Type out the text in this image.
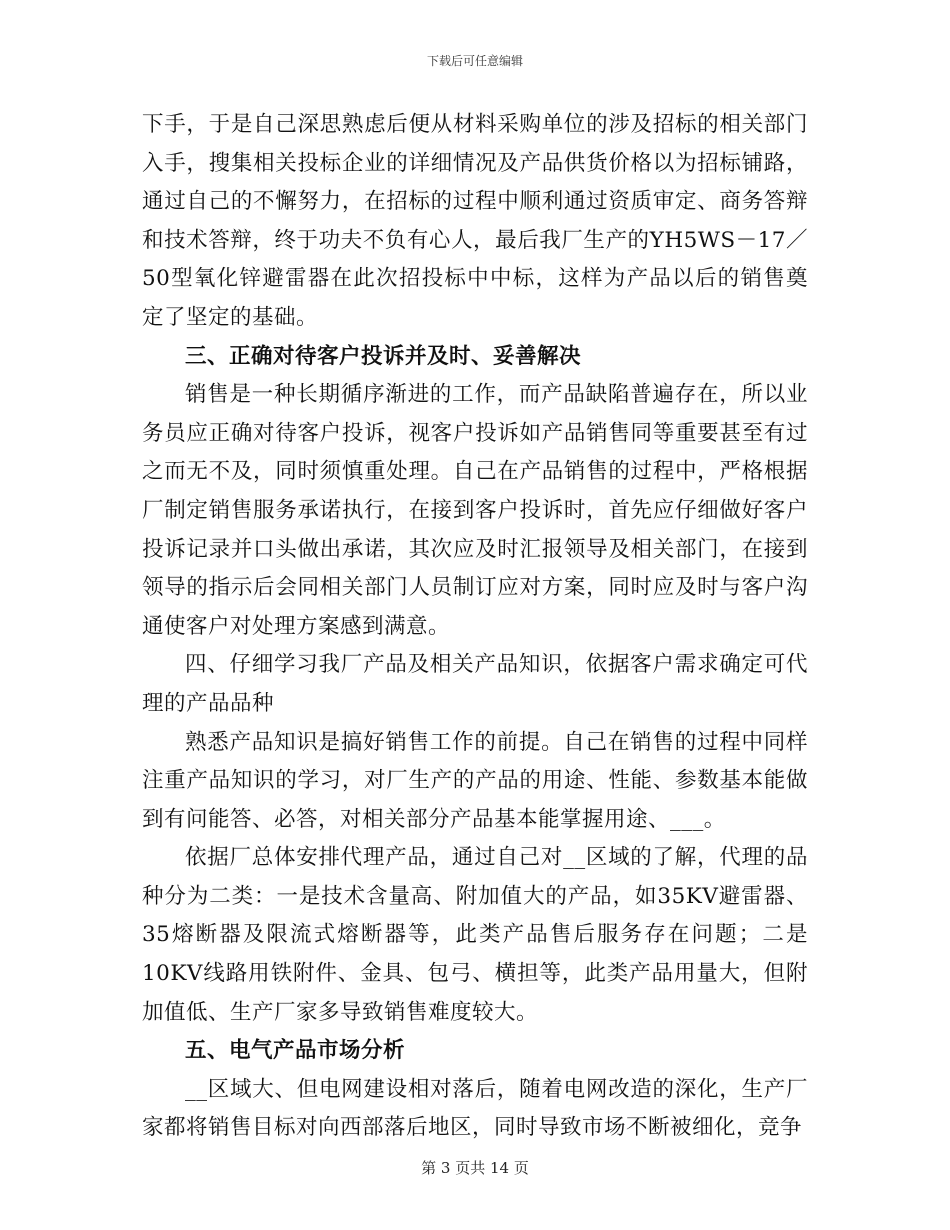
下载后可任意编辑

下手，于是自己深思熟虑后便从材料采购单位的涉及招标的相关部门入手，搜集相关投标企业的详细情况及产品供货价格以为招标铺路，通过自己的不懈努力，在招标的过程中顺利通过资质审定、商务答辩和技术答辩，终于功夫不负有心人，最后我厂生产的YH5WS－17／50型氧化锌避雷器在此次招投标中中标，这样为产品以后的销售奠定了坚定的基础。

三、正确对待客户投诉并及时、妥善解决

销售是一种长期循序渐进的工作，而产品缺陷普遍存在，所以业务员应正确对待客户投诉，视客户投诉如产品销售同等重要甚至有过之而无不及，同时须慎重处理。自己在产品销售的过程中，严格根据厂制定销售服务承诺执行，在接到客户投诉时，首先应仔细做好客户投诉记录并口头做出承诺，其次应及时汇报领导及相关部门，在接到领导的指示后会同相关部门人员制订应对方案，同时应及时与客户沟通使客户对处理方案感到满意。

四、仔细学习我厂产品及相关产品知识，依据客户需求确定可代理的产品品种

熟悉产品知识是搞好销售工作的前提。自己在销售的过程中同样注重产品知识的学习，对厂生产的产品的用途、性能、参数基本能做到有问能答、必答，对相关部分产品基本能掌握用途、___。

依据厂总体安排代理产品，通过自己对__区域的了解，代理的品种分为二类：一是技术含量高、附加值大的产品，如35KV避雷器、35熔断器及限流式熔断器等，此类产品售后服务存在问题；二是10KV线路用铁附件、金具、包弓、横担等，此类产品用量大，但附加值低、生产厂家多导致销售难度较大。

五、电气产品市场分析

__区域大、但电网建设相对落后，随着电网改造的深化，生产厂家都将销售目标对向西部落后地区，同时导致市场不断被细化，竞争

第 3 页共 14 页
